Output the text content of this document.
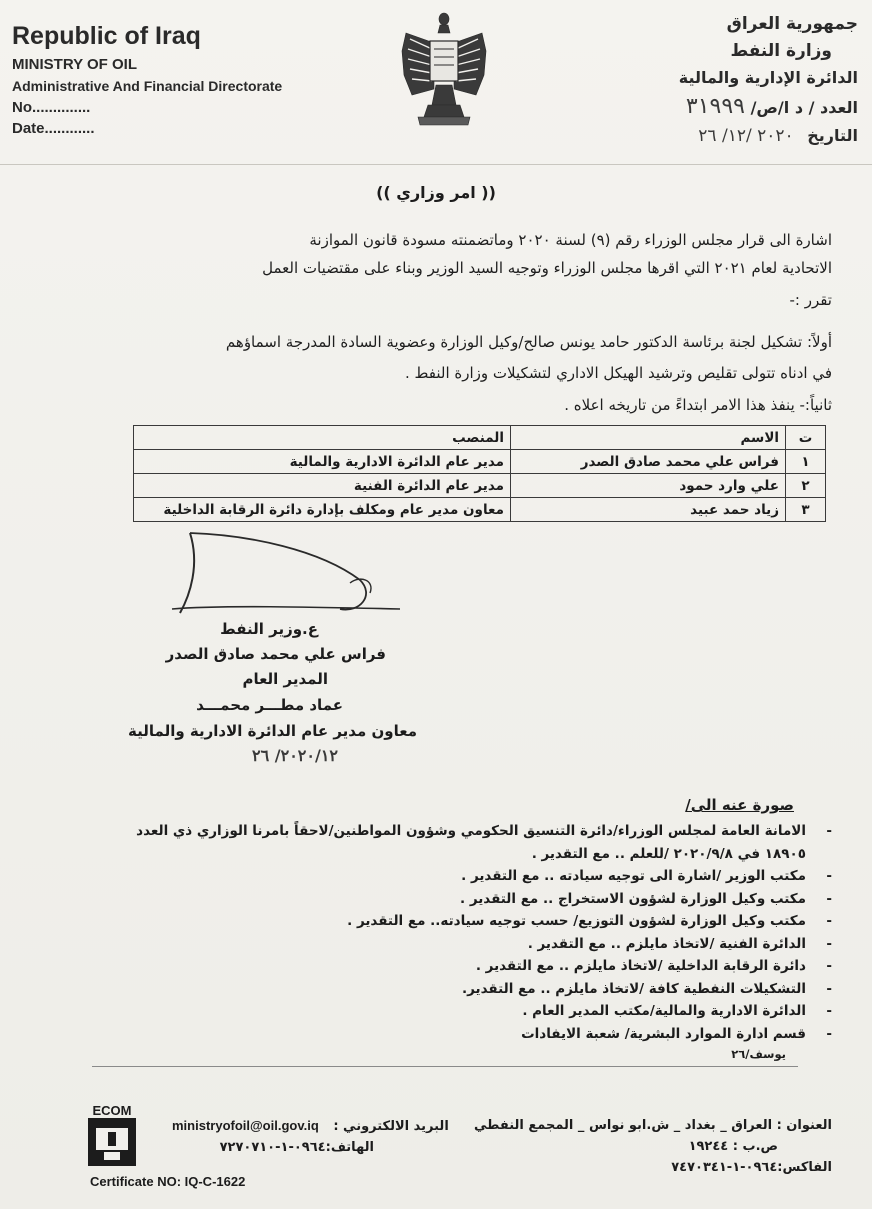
Republic of Iraq
MINISTRY OF OIL
Administrative And Financial Directorate
No..............
Date............
جمهورية العراق
وزارة النفط
الدائرة الإدارية والمالية
العدد / د ا/ص/ ٣١٩٩٩
التاريخ ٢٠٢٠ /١٢/ ٢٦
(( امر وزاري ))
اشارة الى قرار مجلس الوزراء رقم (٩) لسنة ٢٠٢٠ وماتضمنته مسودة قانون الموازنة
الاتحادية لعام ٢٠٢١ التي اقرها مجلس الوزراء وتوجيه السيد الوزير وبناء على مقتضيات العمل
تقرر :-
أولاً: تشكيل لجنة برئاسة الدكتور حامد يونس صالح/وكيل الوزارة وعضوية السادة المدرجة اسماؤهم
في ادناه تتولى تقليص وترشيد الهيكل الاداري لتشكيلات وزارة النفط .
ثانياً:- ينفذ هذا الامر ابتداءً من تاريخه اعلاه .
ت	الاسم	المنصب
١	فراس علي محمد صادق الصدر	مدير عام الدائرة الادارية والمالية
٢	علي وارد حمود	مدير عام الدائرة الفنية
٣	زياد حمد عبيد	معاون مدير عام ومكلف بإدارة دائرة الرقابة الداخلية
ع.وزير النفط
فراس علي محمد صادق الصدر
المدير العام
عماد مطـــر محمـــد
معاون مدير عام الدائرة الادارية والمالية
٢٠٢٠/١٢/ ٢٦
صورة عنه الى/
-
الامانة العامة لمجلس الوزراء/دائرة التنسيق الحكومي وشؤون المواطنين/لاحقاً بامرنا الوزاري ذي العدد
١٨٩٠٥ في ٢٠٢٠/٩/٨ /للعلم .. مع التقدير .
-
مكتب الوزير /اشارة الى توجيه سيادته .. مع التقدير .
-
مكتب وكيل الوزارة لشؤون الاستخراج .. مع التقدير .
-
مكتب وكيل الوزارة لشؤون التوزيع/ حسب توجيه سيادته.. مع التقدير .
-
الدائرة الفنية /لاتخاذ مايلزم .. مع التقدير .
-
دائرة الرقابة الداخلية /لاتخاذ مايلزم .. مع التقدير .
-
التشكيلات النفطية كافة /لاتخاذ مايلزم .. مع التقدير.
-
الدائرة الادارية والمالية/مكتب المدير العام .
-
قسم ادارة الموارد البشرية/ شعبة الايفادات
يوسف/٢٦
العنوان : العراق _ بغداد _ ش.ابو نواس _ المجمع النفطي
ص.ب : ١٩٢٤٤
الفاكس:٠٩٦٤-١-٧٤٧٠٣٤١
ministryofoil@oil.gov.iq البريد الالكتروني :
الهاتف:٠٩٦٤-١-٧٢٧٠٧١٠
ECOM
Certificate NO: IQ-C-1622
